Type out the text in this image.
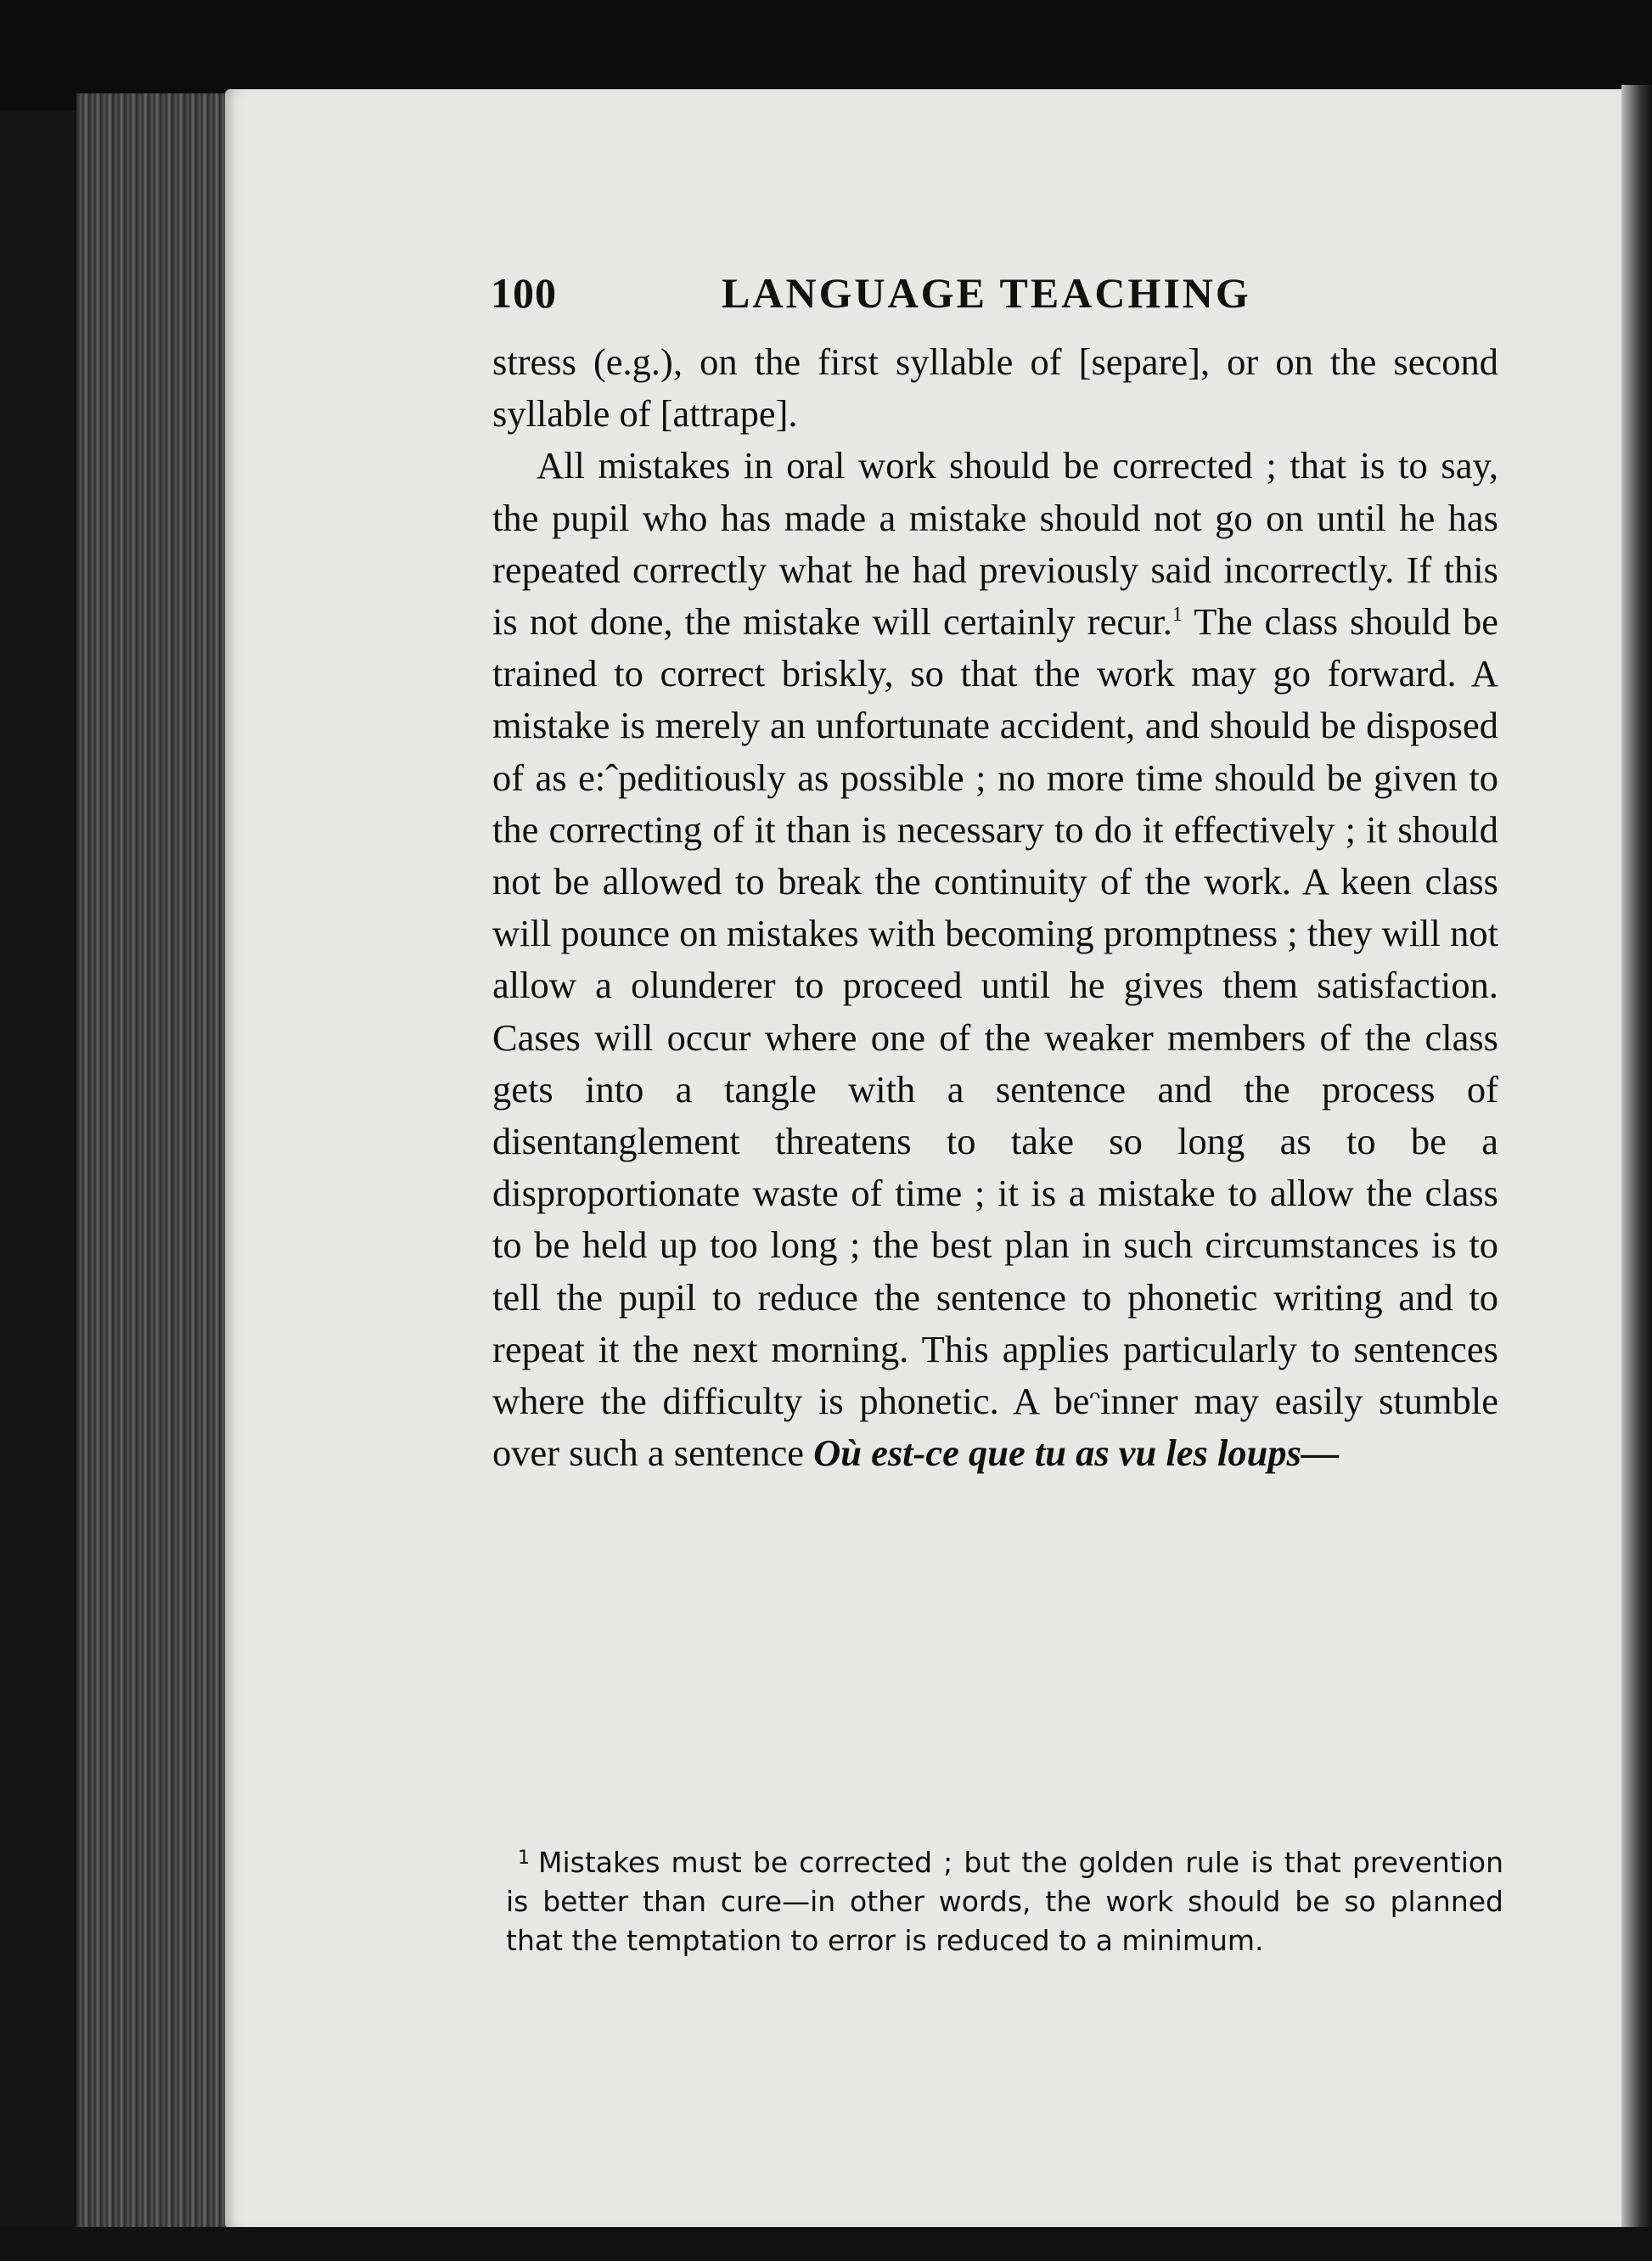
100	LANGUAGE TEACHING

stress (e.g.), on the first syllable of [separe], or on the second syllable of [attrape].

All mistakes in oral work should be corrected ; that is to say, the pupil who has made a mistake should not go on until he has repeated correctly what he had previously said incorrectly. If this is not done, the mistake will certainly recur.$^1$ The class should be trained to correct briskly, so that the work may go forward. A mistake is merely an unfortunate accident, and should be disposed of as e:ˆpeditiously as possible ; no more time should be given to the correcting of it than is necessary to do it effectively ; it should not be allowed to break the continuity of the work. A keen class will pounce on mistakes with becoming promptness ; they will not allow a olunderer to proceed until he gives them satisfaction. Cases will occur where one of the weaker members of the class gets into a tangle with a sentence and the process of disentanglement threatens to take so long as to be a disproportionate waste of time ; it is a mistake to allow the class to be held up too long ; the best plan in such circumstances is to tell the pupil to reduce the sentence to phonetic writing and to repeat it the next morning. This applies particularly to sentences where the difficulty is phonetic. A beᵔinner may easily stumble over such a sentence Où est-ce que tu as vu les loups—

$^1$ Mistakes must be corrected ; but the golden rule is that prevention is better than cure—in other words, the work should be so planned that the temptation to error is reduced to a minimum.
